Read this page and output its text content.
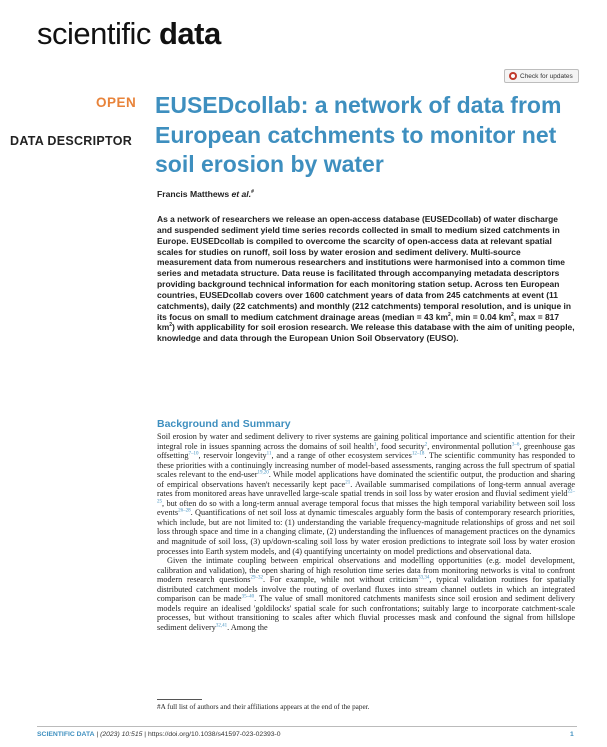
scientific data
Check for updates
OPEN
DATA DESCRIPTOR
EUSEDcollab: a network of data from European catchments to monitor net soil erosion by water
Francis Matthews et al.#
As a network of researchers we release an open-access database (EUSEDcollab) of water discharge and suspended sediment yield time series records collected in small to medium sized catchments in Europe. EUSEDcollab is compiled to overcome the scarcity of open-access data at relevant spatial scales for studies on runoff, soil loss by water erosion and sediment delivery. Multi-source measurement data from numerous researchers and institutions were harmonised into a common time series and metadata structure. Data reuse is facilitated through accompanying metadata descriptors providing background technical information for each monitoring station setup. Across ten European countries, EUSEDcollab covers over 1600 catchment years of data from 245 catchments at event (11 catchments), daily (22 catchments) and monthly (212 catchments) temporal resolution, and is unique in its focus on small to medium catchment drainage areas (median = 43 $km^2$, min = 0.04 $km^2$, max = 817 $km^2$) with applicability for soil erosion research. We release this database with the aim of uniting people, knowledge and data through the European Union Soil Observatory (EUSO).
Background and Summary

Soil erosion by water and sediment delivery to river systems are gaining political importance and scientific attention for their integral role in issues spanning across the domains of soil health$^1$, food security$^2$, environmental pollution$^{3-6}$, greenhouse gas offsetting$^{7-10}$, reservoir longevity$^{11}$, and a range of other ecosystem services$^{12-18}$. The scientific community has responded to these priorities with a continuingly increasing number of model-based assessments, ranging across the full spectrum of spatial scales relevant to the end-user$^{19,20}$. While model applications have dominated the scientific output, the production and sharing of empirical observations haven't necessarily kept pace$^{21}$. Available summarised compilations of long-term annual average rates from monitored areas have unravelled large-scale spatial trends in soil loss by water erosion and fluvial sediment yield$^{22-25}$, but often do so with a long-term annual average temporal focus that misses the high temporal variability between soil loss events$^{26-28}$. Quantifications of net soil loss at dynamic timescales arguably form the basis of contemporary research priorities, which include, but are not limited to: (1) understanding the variable frequency-magnitude relationships of gross and net soil loss through space and time in a changing climate, (2) understanding the influences of management practices on the dynamics and magnitude of soil loss, (3) up/down-scaling soil loss by water erosion predictions to integrate soil loss by water erosion processes into Earth system models, and (4) quantifying uncertainty on model predictions and observational data.

Given the intimate coupling between empirical observations and modelling opportunities (e.g. model development, calibration and validation), the open sharing of high resolution time series data from monitoring networks is vital to confront modern research questions$^{29-32}$. For example, while not without criticism$^{33,34}$, typical validation routines for spatially distributed catchment models involve the routing of overland fluxes into stream channel outlets in which an integrated comparison can be made$^{35-40}$. The value of small monitored catchments manifests since soil erosion and sediment delivery models require an idealised 'goldilocks' spatial scale for such confrontations; suitably large to incorporate catchment-scale processes, but without transitioning to scales after which fluvial processes mask and confound the signal from hillslope sediment delivery$^{32,41}$. Among the

#A full list of authors and their affiliations appears at the end of the paper.
SCIENTIFIC DATA | (2023) 10:515 | https://doi.org/10.1038/s41597-023-02393-0	1
